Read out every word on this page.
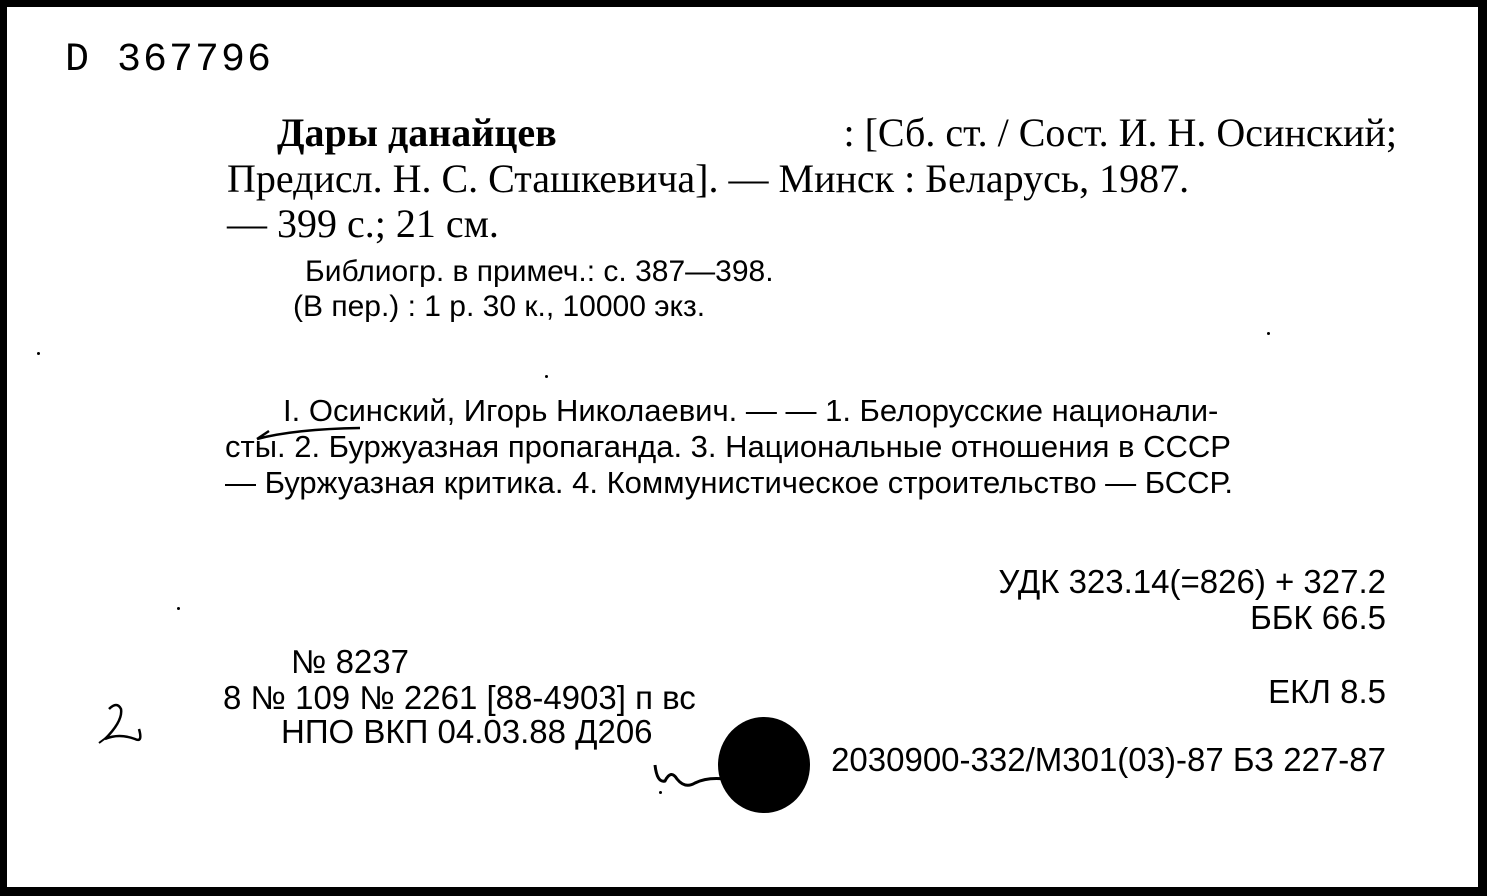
D 367796
Дары данайцев	: [Сб. ст. / Сост. И. Н. Осинский;
Предисл. Н. С. Сташкевича]. — Минск : Беларусь, 1987.
— 399 с.; 21 см.
Библиогр. в примеч.: с. 387—398.
(В пер.) : 1 р. 30 к., 10000 экз.
I. Осинский, Игорь Николаевич. — — 1. Белорусские национали-
сты. 2. Буржуазная пропаганда. 3. Национальные отношения в СССР
— Буржуазная критика. 4. Коммунистическое строительство — БССР.
УДК 323.14(=826) + 327.2
ББК 66.5
ЕКЛ 8.5
2030900-332/М301(03)-87 БЗ 227-87
№ 8237
8 № 109 № 2261 [88-4903] п вс
НПО ВКП 04.03.88 Д206
